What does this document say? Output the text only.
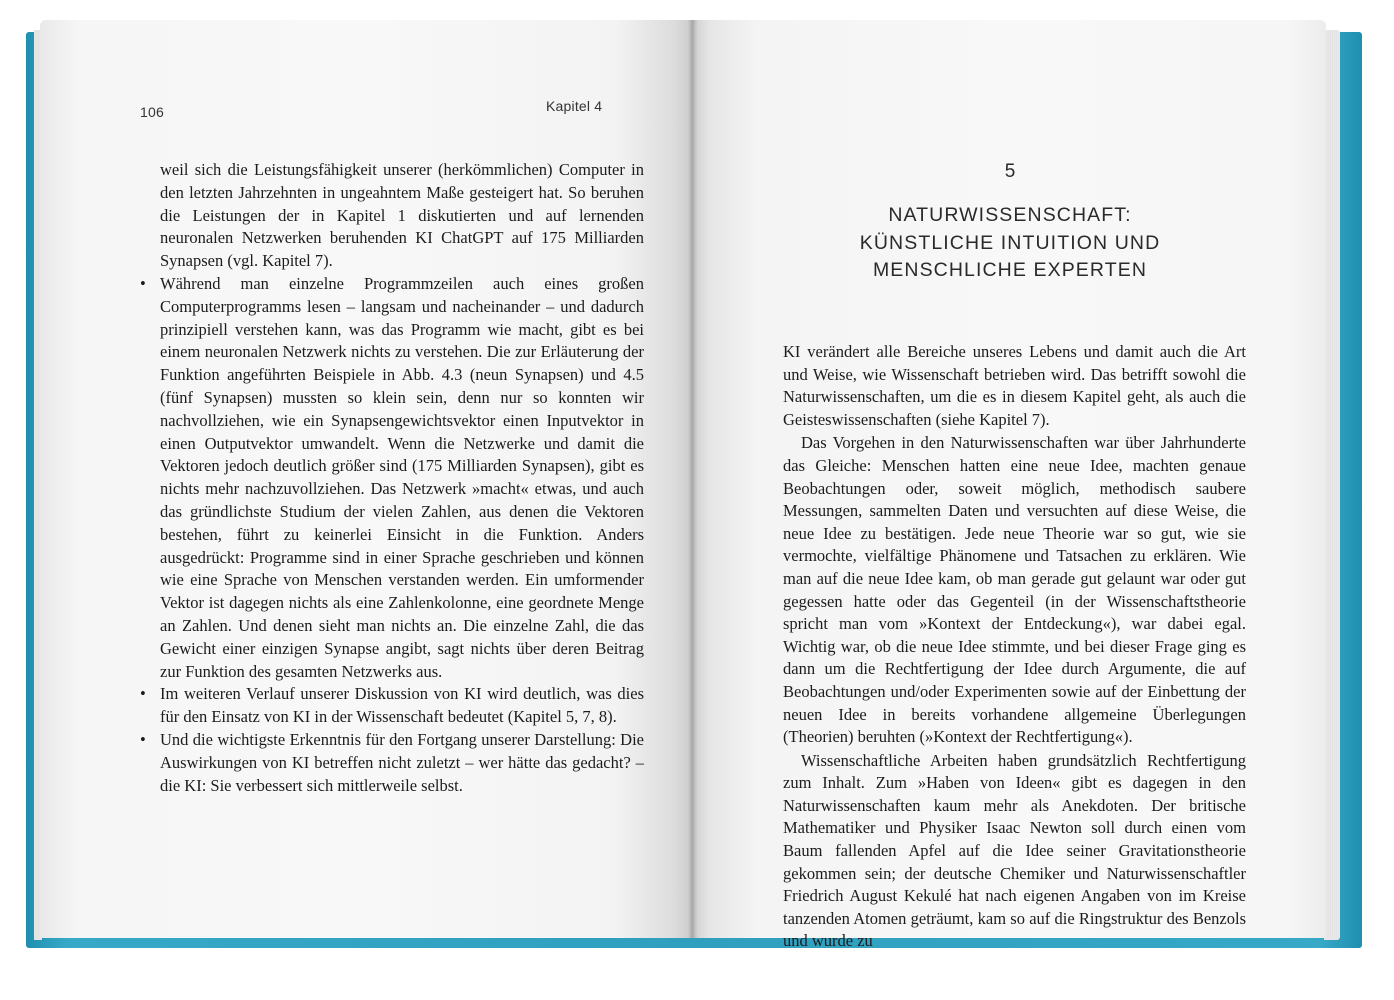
106	Kapitel 4

weil sich die Leistungsfähigkeit unserer (herkömmlichen) Computer in den letzten Jahrzehnten in ungeahntem Maße gesteigert hat. So beruhen die Leistungen der in Kapitel 1 diskutierten und auf lernenden neuronalen Netzwerken beruhenden KI ChatGPT auf 175 Milliarden Synapsen (vgl. Kapitel 7).

• Während man einzelne Programmzeilen auch eines großen Computerprogramms lesen – langsam und nacheinander – und dadurch prinzipiell verstehen kann, was das Programm wie macht, gibt es bei einem neuronalen Netzwerk nichts zu verstehen. Die zur Erläuterung der Funktion angeführten Beispiele in Abb. 4.3 (neun Synapsen) und 4.5 (fünf Synapsen) mussten so klein sein, denn nur so konnten wir nachvollziehen, wie ein Synapsengewichtsvektor einen Inputvektor in einen Outputvektor umwandelt. Wenn die Netzwerke und damit die Vektoren jedoch deutlich größer sind (175 Milliarden Synapsen), gibt es nichts mehr nachzuvollziehen. Das Netzwerk »macht« etwas, und auch das gründlichste Studium der vielen Zahlen, aus denen die Vektoren bestehen, führt zu keinerlei Einsicht in die Funktion. Anders ausgedrückt: Programme sind in einer Sprache geschrieben und können wie eine Sprache von Menschen verstanden werden. Ein umformender Vektor ist dagegen nichts als eine Zahlenkolonne, eine geordnete Menge an Zahlen. Und denen sieht man nichts an. Die einzelne Zahl, die das Gewicht einer einzigen Synapse angibt, sagt nichts über deren Beitrag zur Funktion des gesamten Netzwerks aus.
• Im weiteren Verlauf unserer Diskussion von KI wird deutlich, was dies für den Einsatz von KI in der Wissenschaft bedeutet (Kapitel 5, 7, 8).
• Und die wichtigste Erkenntnis für den Fortgang unserer Darstellung: Die Auswirkungen von KI betreffen nicht zuletzt – wer hätte das gedacht? – die KI: Sie verbessert sich mittlerweile selbst.
5
NATURWISSENSCHAFT:
KÜNSTLICHE INTUITION UND
MENSCHLICHE EXPERTEN

KI verändert alle Bereiche unseres Lebens und damit auch die Art und Weise, wie Wissenschaft betrieben wird. Das betrifft sowohl die Naturwissenschaften, um die es in diesem Kapitel geht, als auch die Geisteswissenschaften (siehe Kapitel 7).

Das Vorgehen in den Naturwissenschaften war über Jahrhunderte das Gleiche: Menschen hatten eine neue Idee, machten genaue Beobachtungen oder, soweit möglich, methodisch saubere Messungen, sammelten Daten und versuchten auf diese Weise, die neue Idee zu bestätigen. Jede neue Theorie war so gut, wie sie vermochte, vielfältige Phänomene und Tatsachen zu erklären. Wie man auf die neue Idee kam, ob man gerade gut gelaunt war oder gut gegessen hatte oder das Gegenteil (in der Wissenschaftstheorie spricht man vom »Kontext der Entdeckung«), war dabei egal. Wichtig war, ob die neue Idee stimmte, und bei dieser Frage ging es dann um die Rechtfertigung der Idee durch Argumente, die auf Beobachtungen und/oder Experimenten sowie auf der Einbettung der neuen Idee in bereits vorhandene allgemeine Überlegungen (Theorien) beruhten (»Kontext der Rechtfertigung«).

Wissenschaftliche Arbeiten haben grundsätzlich Rechtfertigung zum Inhalt. Zum »Haben von Ideen« gibt es dagegen in den Naturwissenschaften kaum mehr als Anekdoten. Der britische Mathematiker und Physiker Isaac Newton soll durch einen vom Baum fallenden Apfel auf die Idee seiner Gravitationstheorie gekommen sein; der deutsche Chemiker und Naturwissenschaftler Friedrich August Kekulé hat nach eigenen Angaben von im Kreise tanzenden Atomen geträumt, kam so auf die Ringstruktur des Benzols und wurde zu
